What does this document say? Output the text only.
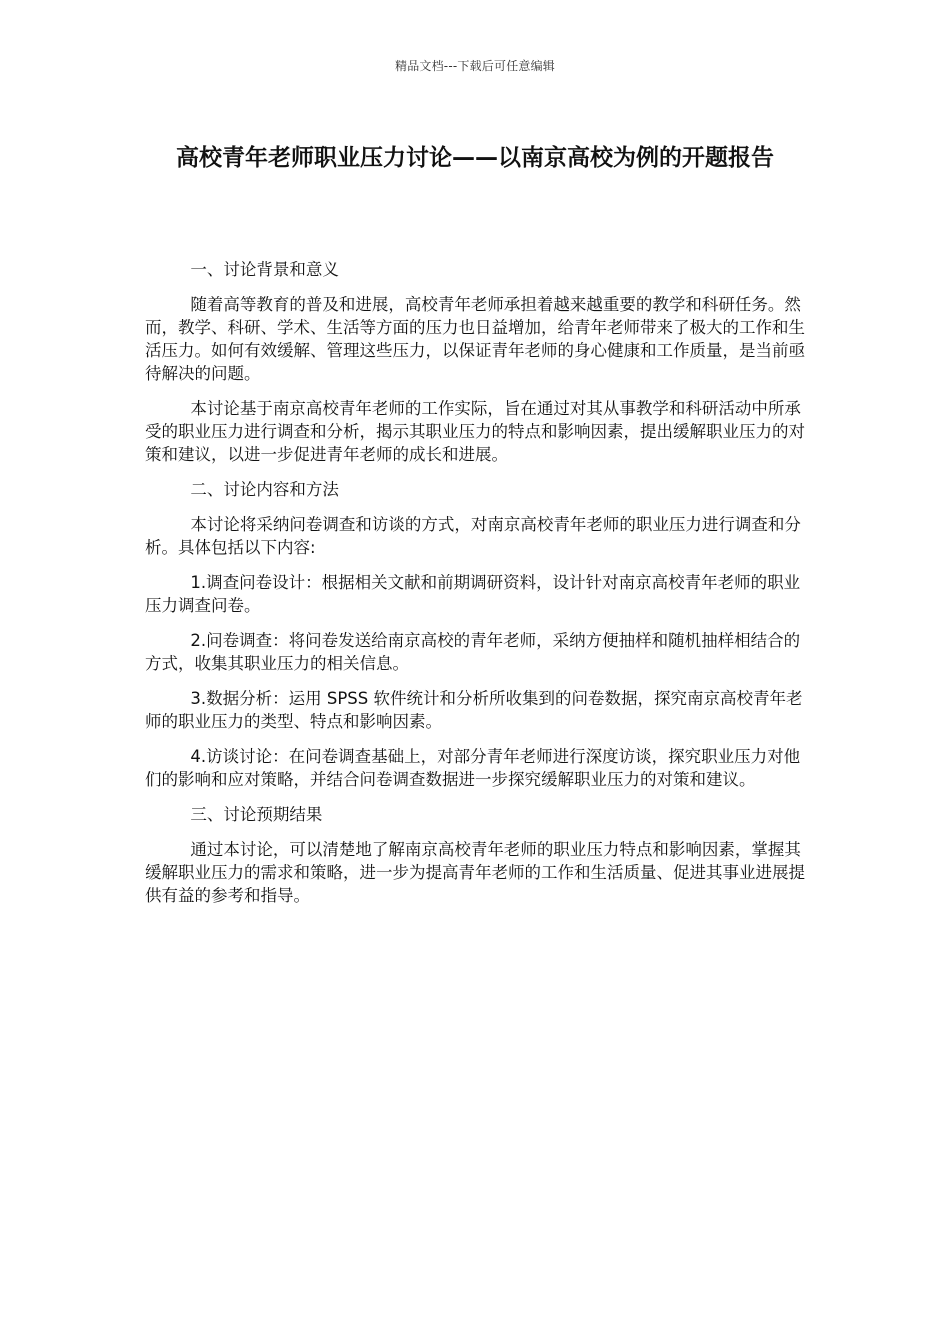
精品文档---下载后可任意编辑
高校青年老师职业压力讨论——以南京高校为例的开题报告

一、讨论背景和意义

随着高等教育的普及和进展，高校青年老师承担着越来越重要的教学和科研任务。然而，教学、科研、学术、生活等方面的压力也日益增加，给青年老师带来了极大的工作和生活压力。如何有效缓解、管理这些压力，以保证青年老师的身心健康和工作质量，是当前亟待解决的问题。

本讨论基于南京高校青年老师的工作实际，旨在通过对其从事教学和科研活动中所承受的职业压力进行调查和分析，揭示其职业压力的特点和影响因素，提出缓解职业压力的对策和建议，以进一步促进青年老师的成长和进展。

二、讨论内容和方法

本讨论将采纳问卷调查和访谈的方式，对南京高校青年老师的职业压力进行调查和分析。具体包括以下内容:

1.调查问卷设计：根据相关文献和前期调研资料，设计针对南京高校青年老师的职业压力调查问卷。

2.问卷调查：将问卷发送给南京高校的青年老师，采纳方便抽样和随机抽样相结合的方式，收集其职业压力的相关信息。

3.数据分析：运用 SPSS 软件统计和分析所收集到的问卷数据，探究南京高校青年老师的职业压力的类型、特点和影响因素。

4.访谈讨论：在问卷调查基础上，对部分青年老师进行深度访谈，探究职业压力对他们的影响和应对策略，并结合问卷调查数据进一步探究缓解职业压力的对策和建议。

三、讨论预期结果

通过本讨论，可以清楚地了解南京高校青年老师的职业压力特点和影响因素，掌握其缓解职业压力的需求和策略，进一步为提高青年老师的工作和生活质量、促进其事业进展提供有益的参考和指导。
